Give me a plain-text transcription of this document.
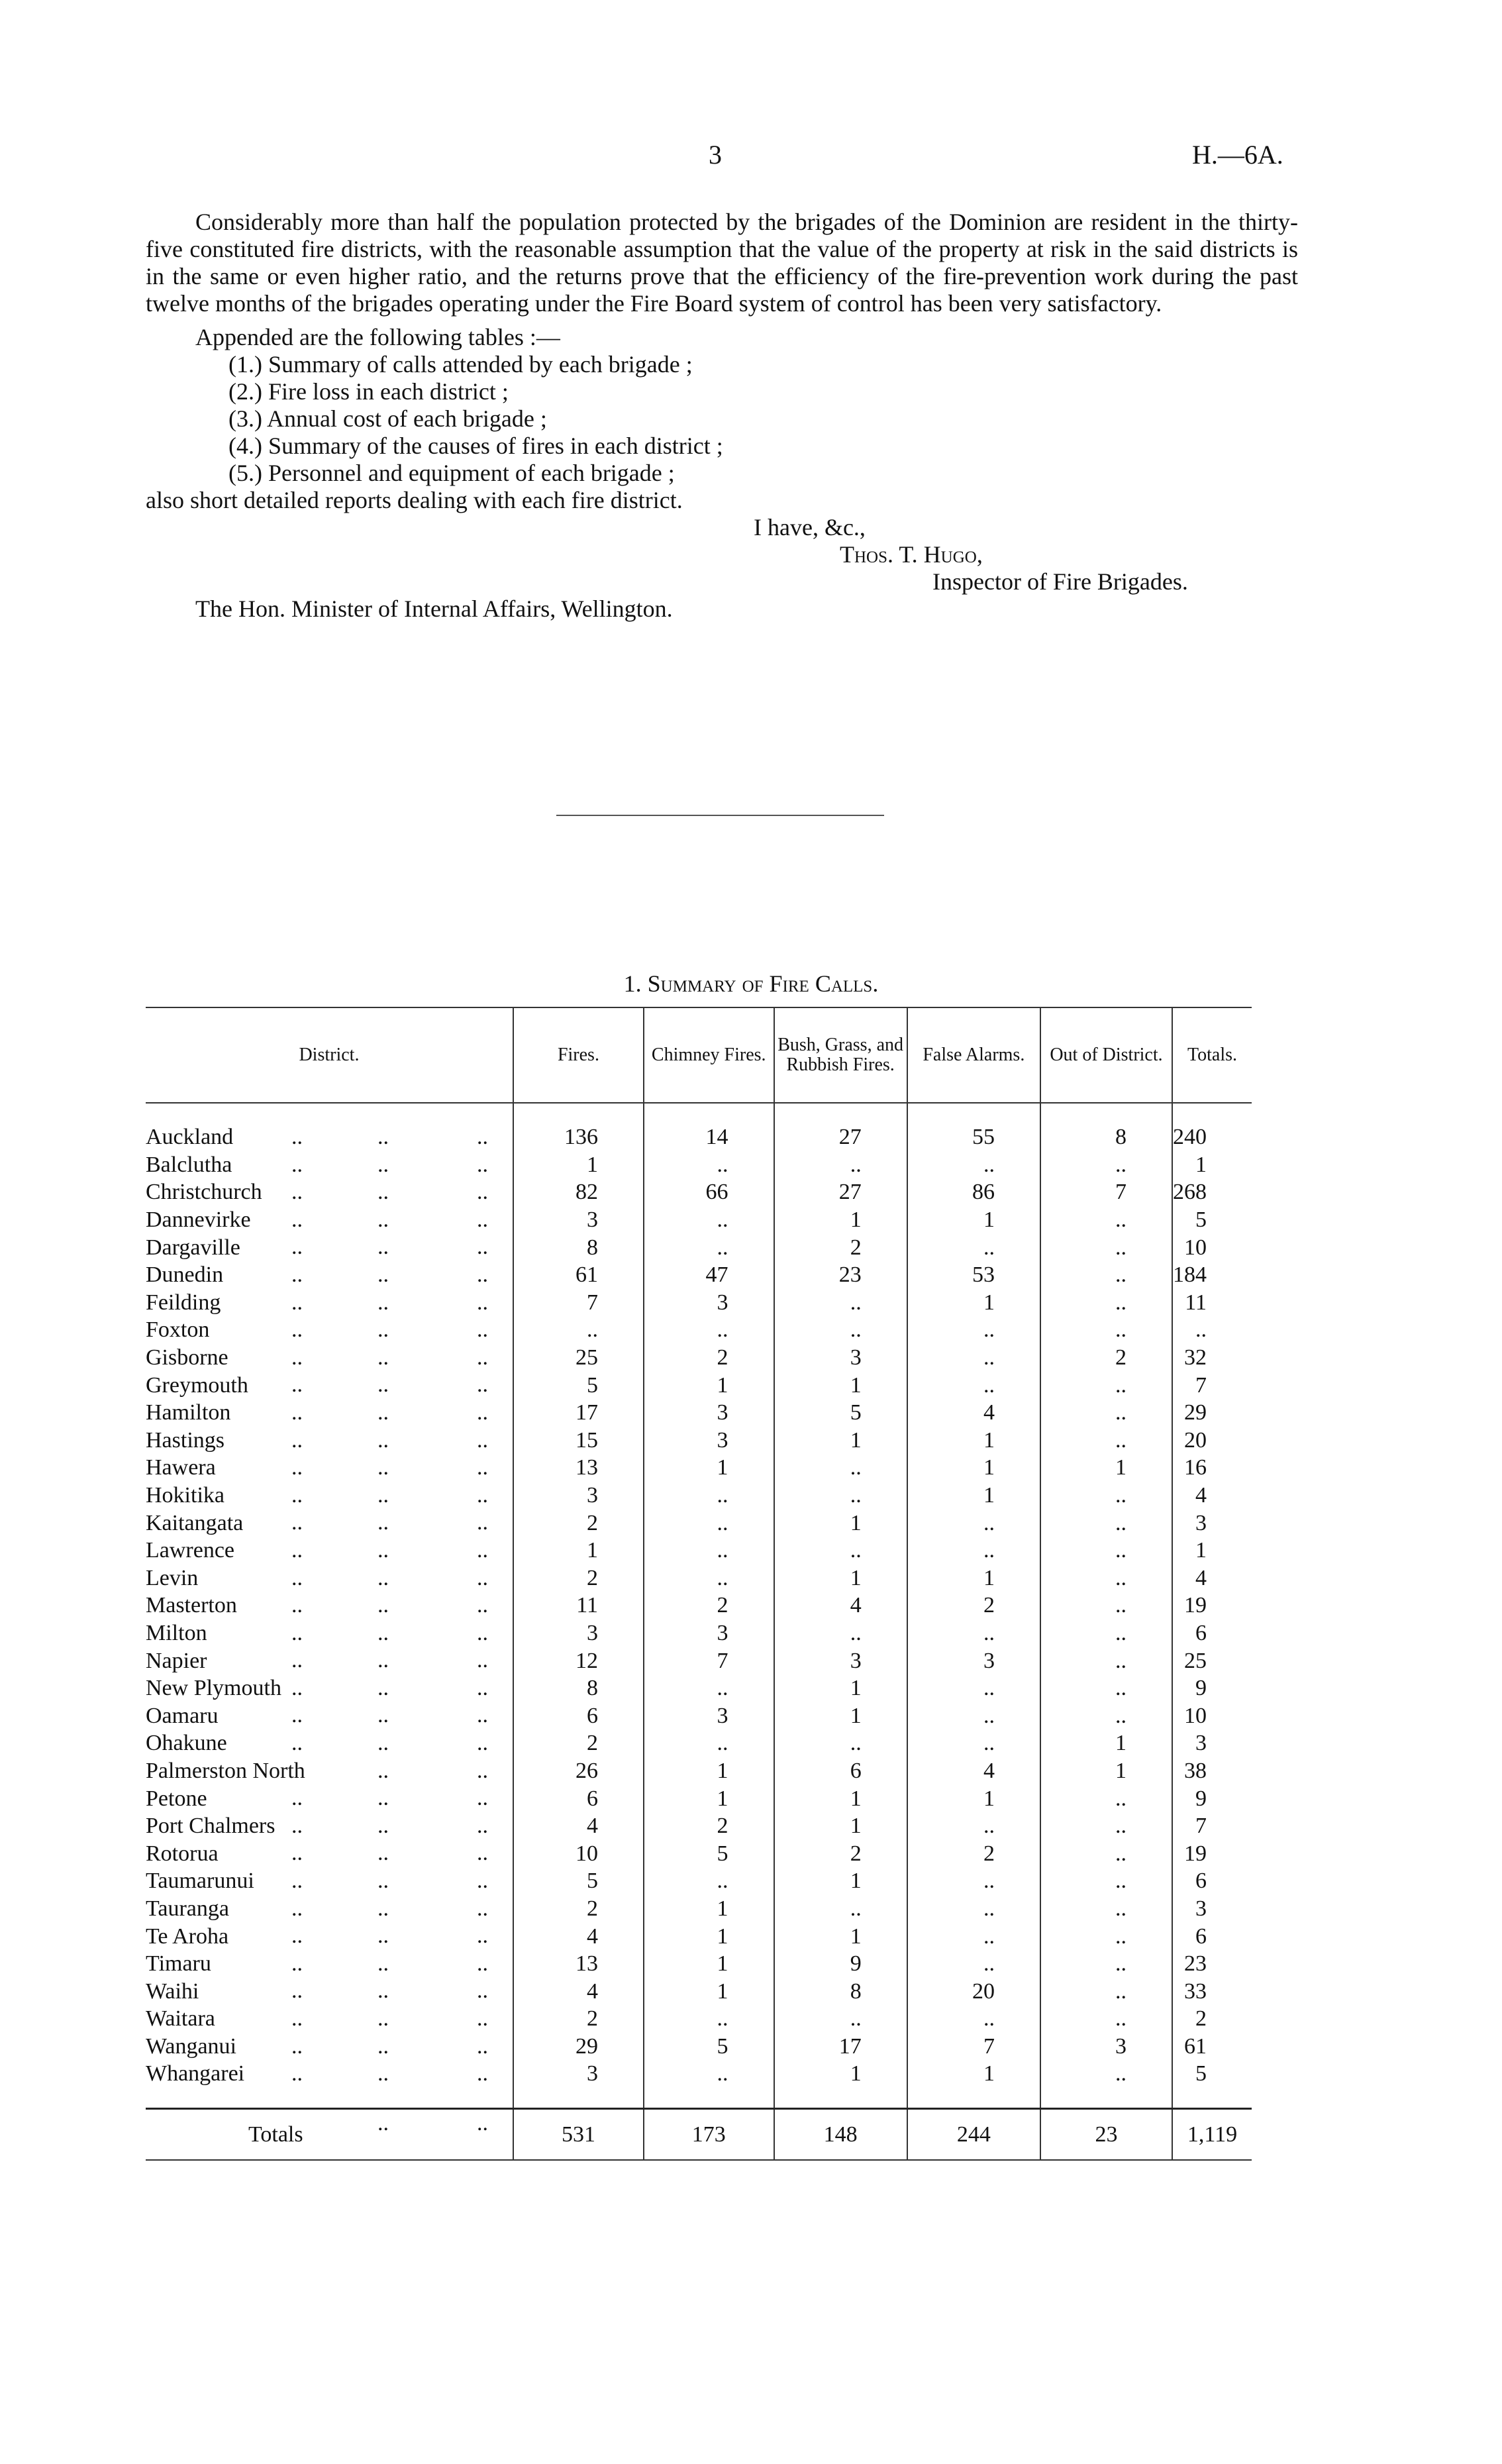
3	H.—6A.
Considerably more than half the population protected by the brigades of the Dominion are resident in the thirty-five constituted fire districts, with the reasonable assumption that the value of the property at risk in the said districts is in the same or even higher ratio, and the returns prove that the efficiency of the fire-prevention work during the past twelve months of the brigades operating under the Fire Board system of control has been very satisfactory.
Appended are the following tables :—
(1.) Summary of calls attended by each brigade ;
(2.) Fire loss in each district ;
(3.) Annual cost of each brigade ;
(4.) Summary of the causes of fires in each district ;
(5.) Personnel and equipment of each brigade ;
also short detailed reports dealing with each fire district.
I have, &c.,
Thos. T. Hugo,
Inspector of Fire Brigades.
The Hon. Minister of Internal Affairs, Wellington.
1. Summary of Fire Calls.
District.	Fires.	Chimney Fires.	Bush, Grass, and Rubbish Fires.	False Alarms.	Out of District.	Totals.

Auckland .. .. ..	136	14	27	55	8	240
Balclutha .. .. ..	1	..	..	..	..	1
Christchurch .. .. ..	82	66	27	86	7	268
Dannevirke .. .. ..	3	..	1	1	..	5
Dargaville .. .. ..	8	..	2	..	..	10
Dunedin .. .. ..	61	47	23	53	..	184
Feilding .. .. ..	7	3	..	1	..	11
Foxton .. .. ..	..	..	..	..	..	..
Gisborne .. .. ..	25	2	3	..	2	32
Greymouth .. .. ..	5	1	1	..	..	7
Hamilton .. .. ..	17	3	5	4	..	29
Hastings .. .. ..	15	3	1	1	..	20
Hawera .. .. ..	13	1	..	1	1	16
Hokitika .. .. ..	3	..	..	1	..	4
Kaitangata .. .. ..	2	..	1	..	..	3
Lawrence .. .. ..	1	..	..	..	..	1
Levin .. .. ..	2	..	1	1	..	4
Masterton .. .. ..	11	2	4	2	..	19
Milton .. .. ..	3	3	..	..	..	6
Napier .. .. ..	12	7	3	3	..	25
New Plymouth .. .. ..	8	..	1	..	..	9
Oamaru .. .. ..	6	3	1	..	..	10
Ohakune .. .. ..	2	..	..	..	1	3
Palmerston North .. ..	26	1	6	4	1	38
Petone .. .. ..	6	1	1	1	..	9
Port Chalmers .. .. ..	4	2	1	..	..	7
Rotorua .. .. ..	10	5	2	2	..	19
Taumarunui .. .. ..	5	..	1	..	..	6
Tauranga .. .. ..	2	1	..	..	..	3
Te Aroha .. .. ..	4	1	1	..	..	6
Timaru .. .. ..	13	1	9	..	..	23
Waihi .. .. ..	4	1	8	20	..	33
Waitara .. .. ..	2	..	..	..	..	2
Wanganui .. .. ..	29	5	17	7	3	61
Whangarei .. .. ..	3	..	1	1	..	5

Totals .. ..	531	173	148	244	23	1,119
